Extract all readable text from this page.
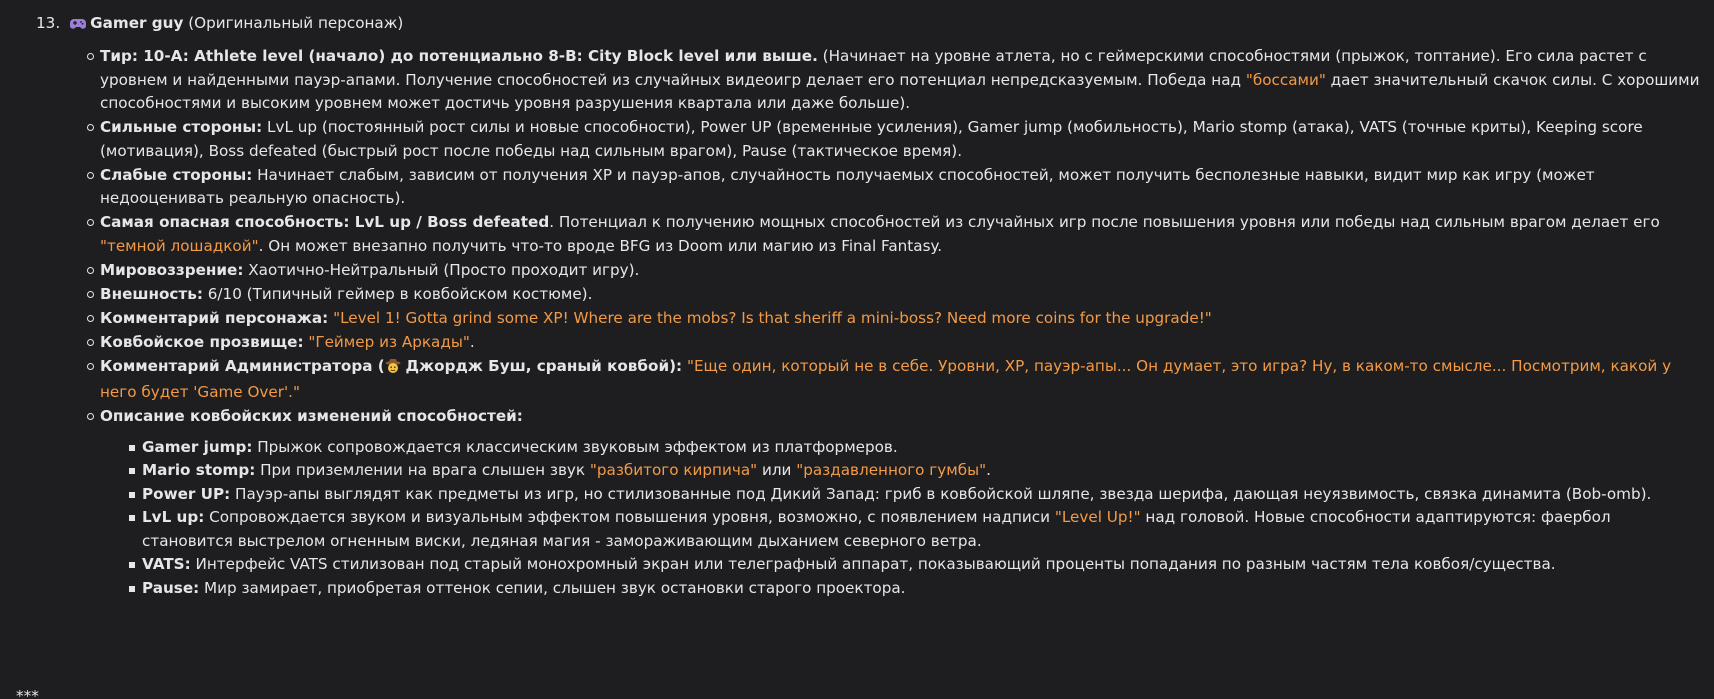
13. Gamer guy (Оригинальный персонаж)
Тир: 10-A: Athlete level (начало) до потенциально 8-B: City Block level или выше. (Начинает на уровне атлета, но с геймерскими способностями (прыжок, топтание). Его сила растет с уровнем и найденными пауэр-апами. Получение способностей из случайных видеоигр делает его потенциал непредсказуемым. Победа над "боссами" дает значительный скачок силы. С хорошими способностями и высоким уровнем может достичь уровня разрушения квартала или даже больше).
Сильные стороны: LvL up (постоянный рост силы и новые способности), Power UP (временные усиления), Gamer jump (мобильность), Mario stomp (атака), VATS (точные криты), Keeping score (мотивация), Boss defeated (быстрый рост после победы над сильным врагом), Pause (тактическое время).
Слабые стороны: Начинает слабым, зависим от получения XP и пауэр-апов, случайность получаемых способностей, может получить бесполезные навыки, видит мир как игру (может недооценивать реальную опасность).
Самая опасная способность: LvL up / Boss defeated. Потенциал к получению мощных способностей из случайных игр после повышения уровня или победы над сильным врагом делает его "темной лошадкой". Он может внезапно получить что-то вроде BFG из Doom или магию из Final Fantasy.
Мировоззрение: Хаотично-Нейтральный (Просто проходит игру).
Внешность: 6/10 (Типичный геймер в ковбойском костюме).
Комментарий персонажа: "Level 1! Gotta grind some XP! Where are the mobs? Is that sheriff a mini-boss? Need more coins for the upgrade!"
Ковбойское прозвище: "Геймер из Аркады".
Комментарий Администратора ( Джордж Буш, сраный ковбой): "Еще один, который не в себе. Уровни, XP, пауэр-апы... Он думает, это игра? Ну, в каком-то смысле... Посмотрим, какой у него будет 'Game Over'."
Описание ковбойских изменений способностей:
Gamer jump: Прыжок сопровождается классическим звуковым эффектом из платформеров.
Mario stomp: При приземлении на врага слышен звук "разбитого кирпича" или "раздавленного гумбы".
Power UP: Пауэр-апы выглядят как предметы из игр, но стилизованные под Дикий Запад: гриб в ковбойской шляпе, звезда шерифа, дающая неуязвимость, связка динамита (Bob-omb).
LvL up: Сопровождается звуком и визуальным эффектом повышения уровня, возможно, с появлением надписи "Level Up!" над головой. Новые способности адаптируются: фаербол становится выстрелом огненным виски, ледяная магия - замораживающим дыханием северного ветра.
VATS: Интерфейс VATS стилизован под старый монохромный экран или телеграфный аппарат, показывающий проценты попадания по разным частям тела ковбоя/существа.
Pause: Мир замирает, приобретая оттенок сепии, слышен звук остановки старого проектора.
***
